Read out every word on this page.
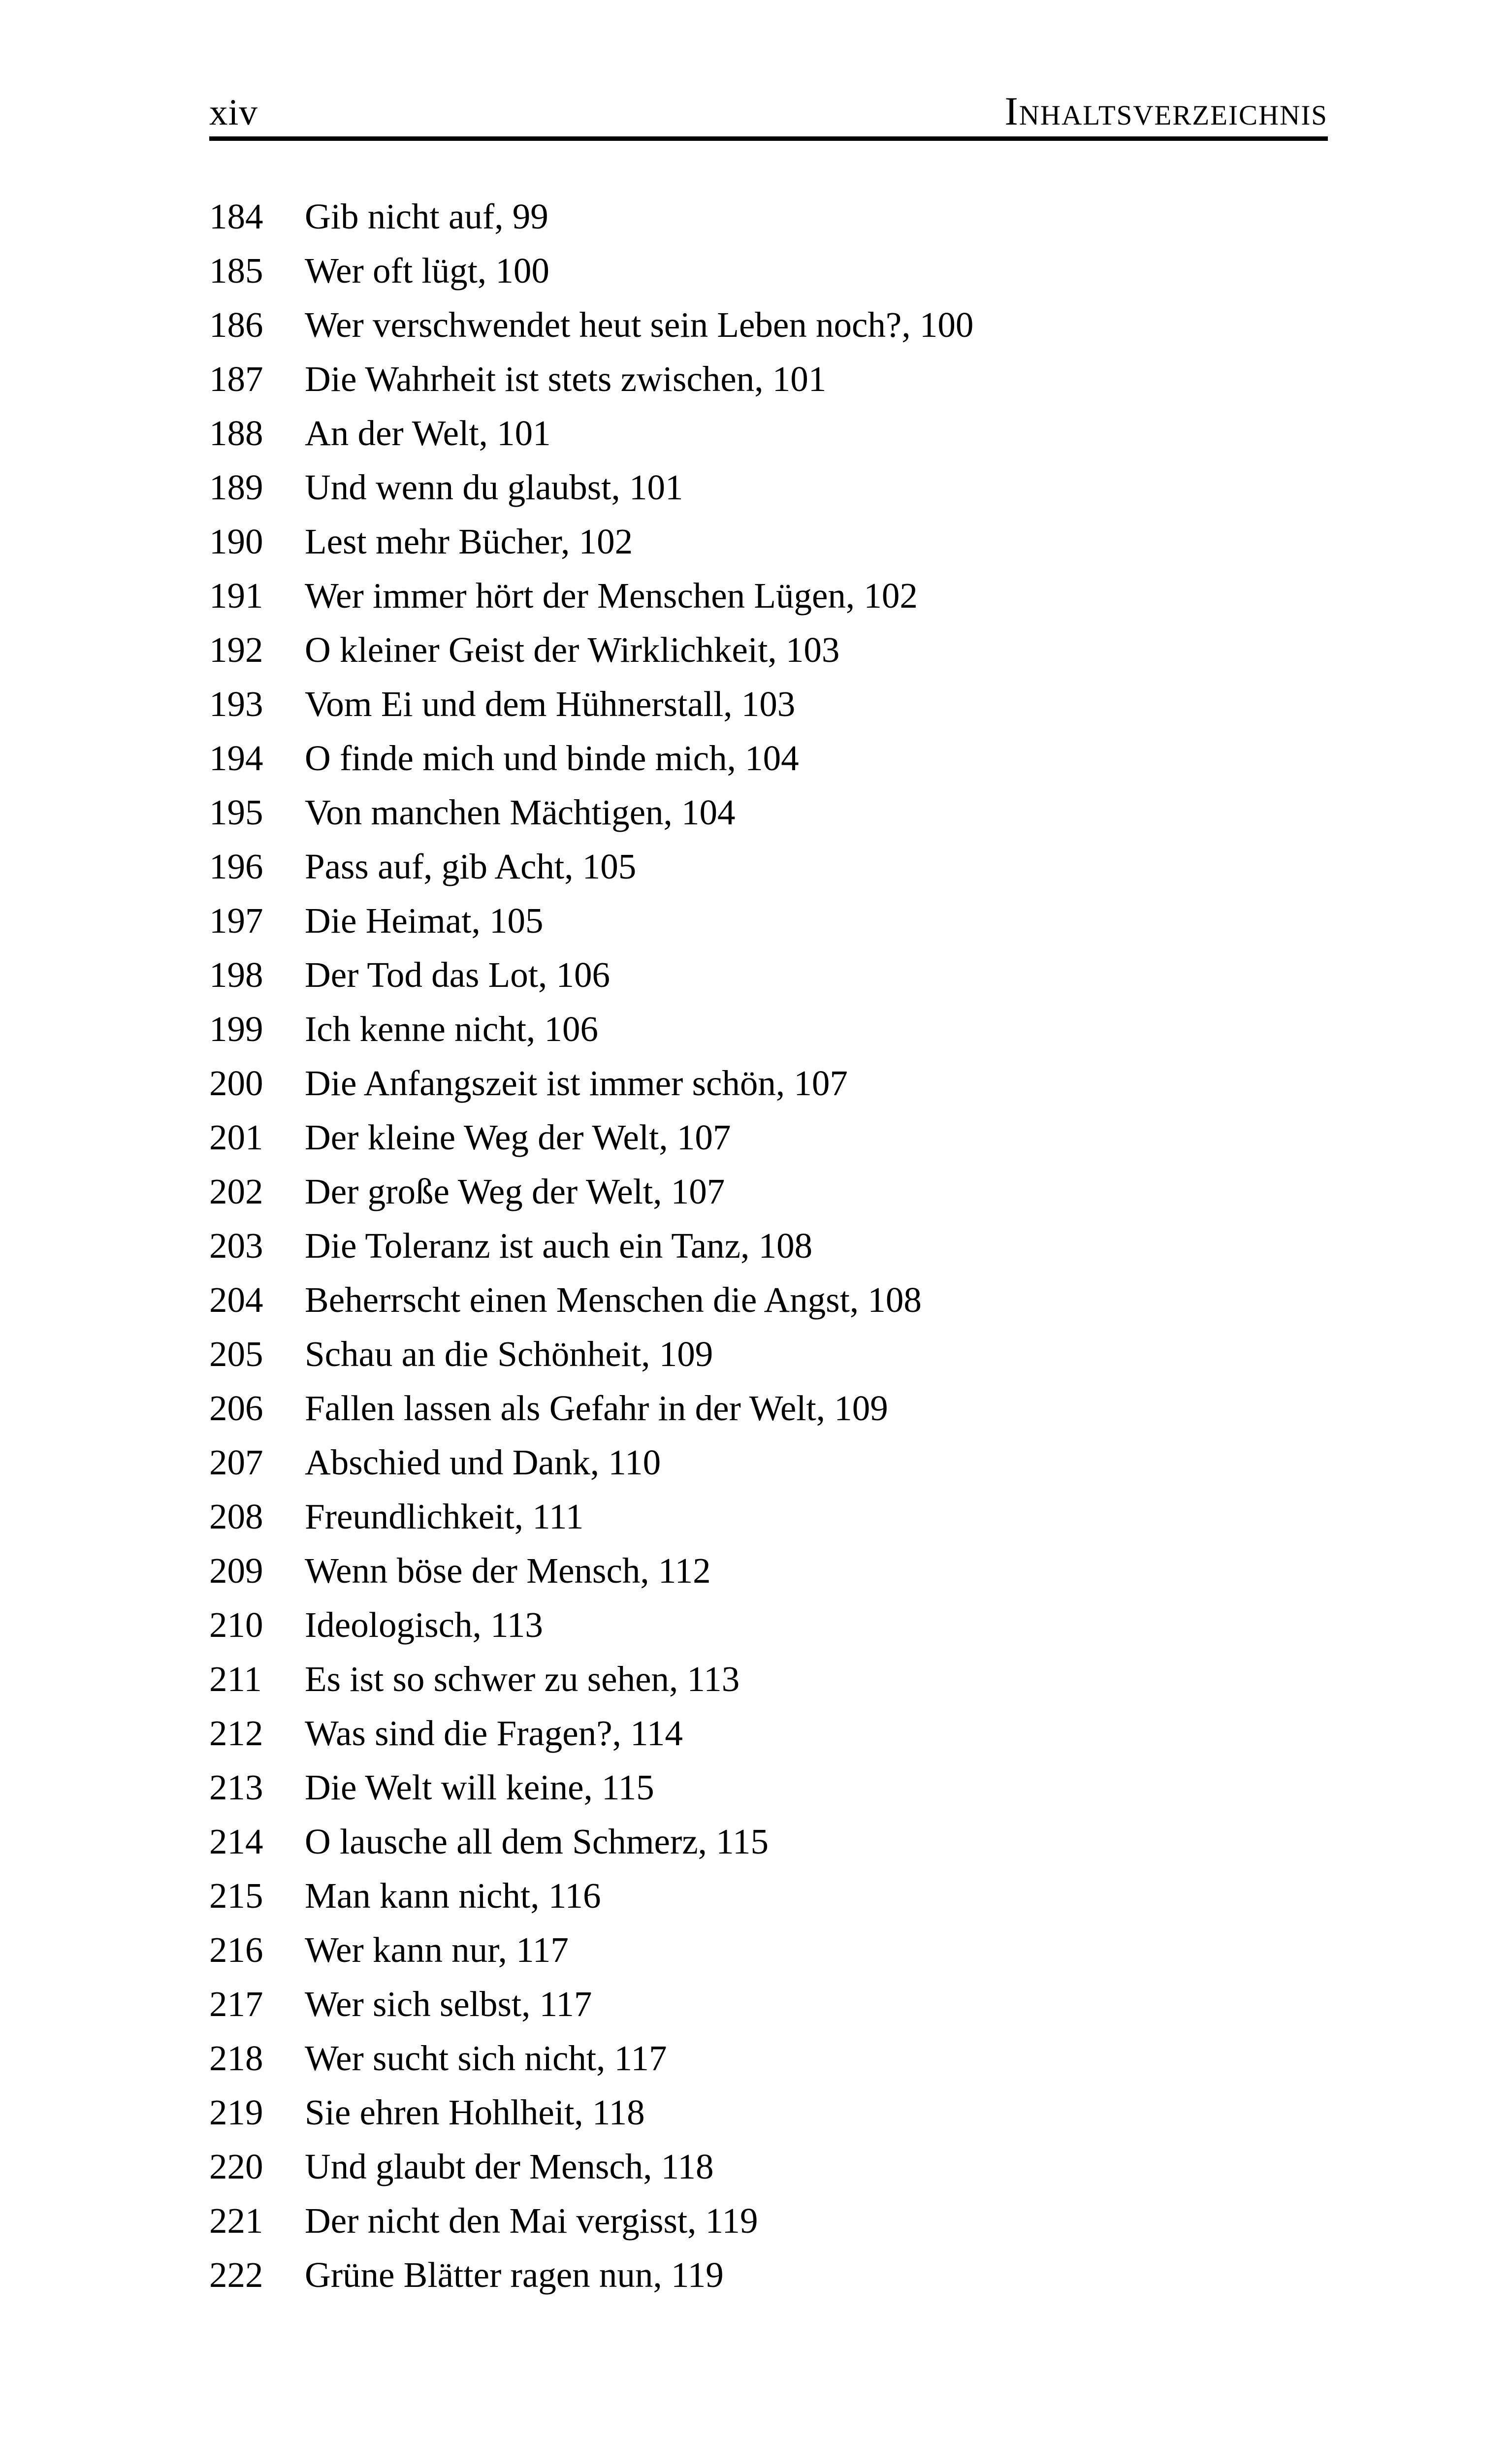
xiv	Inhaltsverzeichnis
184	Gib nicht auf, 99
185	Wer oft lügt, 100
186	Wer verschwendet heut sein Leben noch?, 100
187	Die Wahrheit ist stets zwischen, 101
188	An der Welt, 101
189	Und wenn du glaubst, 101
190	Lest mehr Bücher, 102
191	Wer immer hört der Menschen Lügen, 102
192	O kleiner Geist der Wirklichkeit, 103
193	Vom Ei und dem Hühnerstall, 103
194	O finde mich und binde mich, 104
195	Von manchen Mächtigen, 104
196	Pass auf, gib Acht, 105
197	Die Heimat, 105
198	Der Tod das Lot, 106
199	Ich kenne nicht, 106
200	Die Anfangszeit ist immer schön, 107
201	Der kleine Weg der Welt, 107
202	Der große Weg der Welt, 107
203	Die Toleranz ist auch ein Tanz, 108
204	Beherrscht einen Menschen die Angst, 108
205	Schau an die Schönheit, 109
206	Fallen lassen als Gefahr in der Welt, 109
207	Abschied und Dank, 110
208	Freundlichkeit, 111
209	Wenn böse der Mensch, 112
210	Ideologisch, 113
211	Es ist so schwer zu sehen, 113
212	Was sind die Fragen?, 114
213	Die Welt will keine, 115
214	O lausche all dem Schmerz, 115
215	Man kann nicht, 116
216	Wer kann nur, 117
217	Wer sich selbst, 117
218	Wer sucht sich nicht, 117
219	Sie ehren Hohlheit, 118
220	Und glaubt der Mensch, 118
221	Der nicht den Mai vergisst, 119
222	Grüne Blätter ragen nun, 119
